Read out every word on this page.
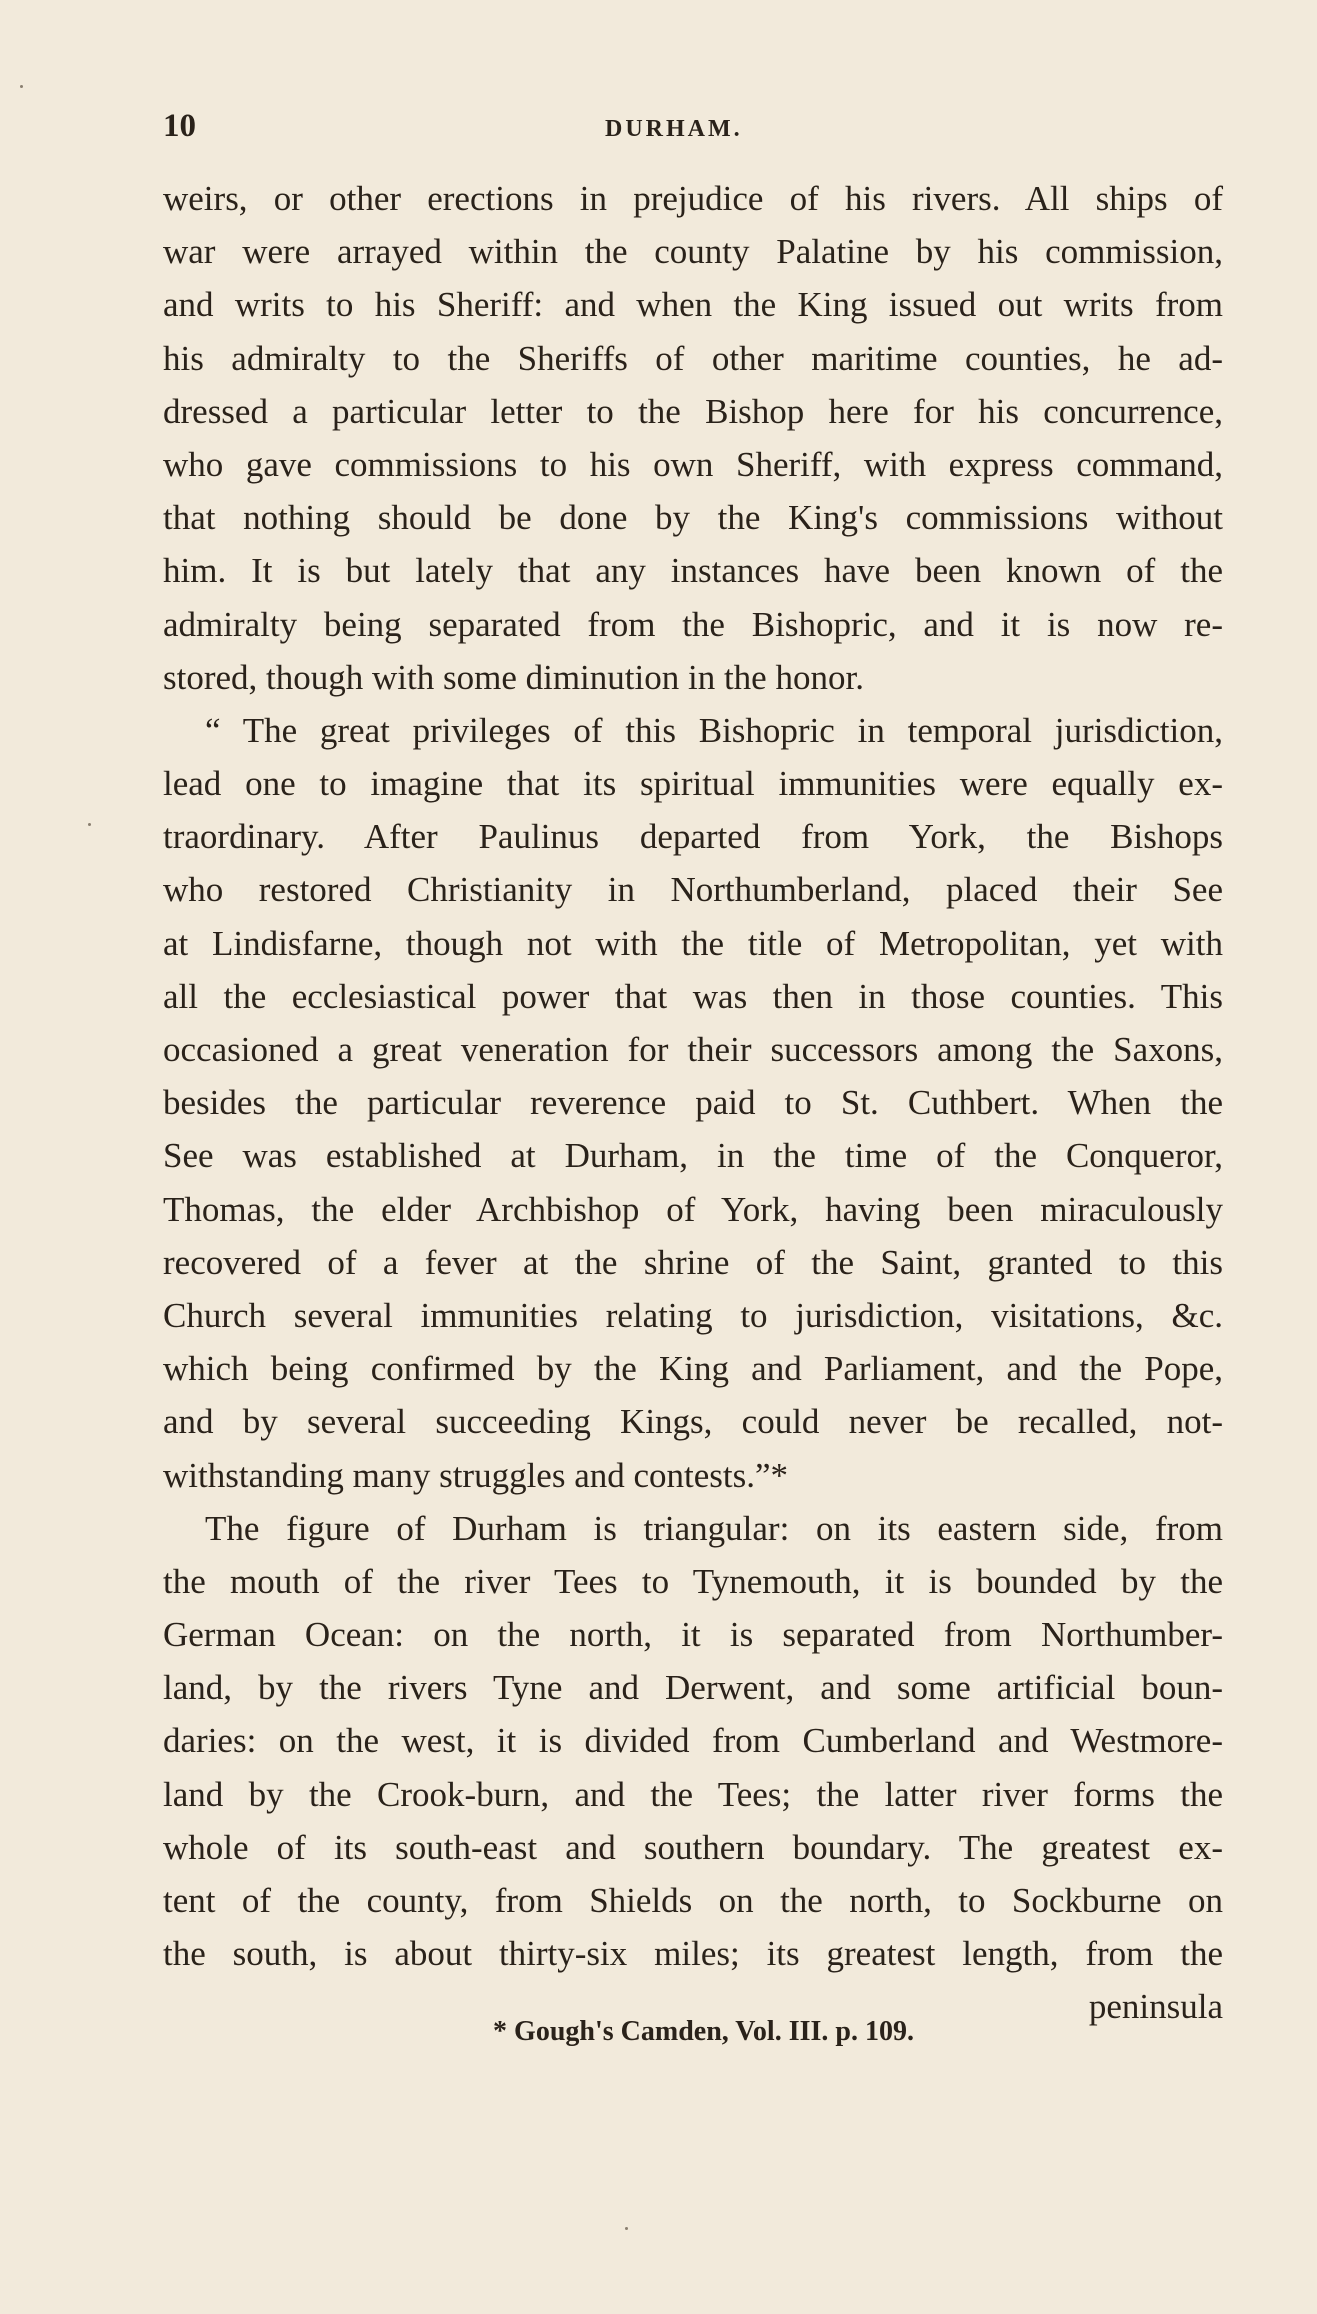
10	DURHAM.
weirs, or other erections in prejudice of his rivers. All ships of
war were arrayed within the county Palatine by his commission,
and writs to his Sheriff: and when the King issued out writs from
his admiralty to the Sheriffs of other maritime counties, he ad-
dressed a particular letter to the Bishop here for his concurrence,
who gave commissions to his own Sheriff, with express command,
that nothing should be done by the King's commissions without
him. It is but lately that any instances have been known of the
admiralty being separated from the Bishopric, and it is now re-
stored, though with some diminution in the honor.
“ The great privileges of this Bishopric in temporal jurisdiction,
lead one to imagine that its spiritual immunities were equally ex-
traordinary. After Paulinus departed from York, the Bishops
who restored Christianity in Northumberland, placed their See
at Lindisfarne, though not with the title of Metropolitan, yet with
all the ecclesiastical power that was then in those counties. This
occasioned a great veneration for their successors among the Saxons,
besides the particular reverence paid to St. Cuthbert. When the
See was established at Durham, in the time of the Conqueror,
Thomas, the elder Archbishop of York, having been miraculously
recovered of a fever at the shrine of the Saint, granted to this
Church several immunities relating to jurisdiction, visitations, &c.
which being confirmed by the King and Parliament, and the Pope,
and by several succeeding Kings, could never be recalled, not-
withstanding many struggles and contests.”*
The figure of Durham is triangular: on its eastern side, from
the mouth of the river Tees to Tynemouth, it is bounded by the
German Ocean: on the north, it is separated from Northumber-
land, by the rivers Tyne and Derwent, and some artificial boun-
daries: on the west, it is divided from Cumberland and Westmore-
land by the Crook-burn, and the Tees; the latter river forms the
whole of its south-east and southern boundary. The greatest ex-
tent of the county, from Shields on the north, to Sockburne on
the south, is about thirty-six miles; its greatest length, from the
peninsula
* Gough's Camden, Vol. III. p. 109.
